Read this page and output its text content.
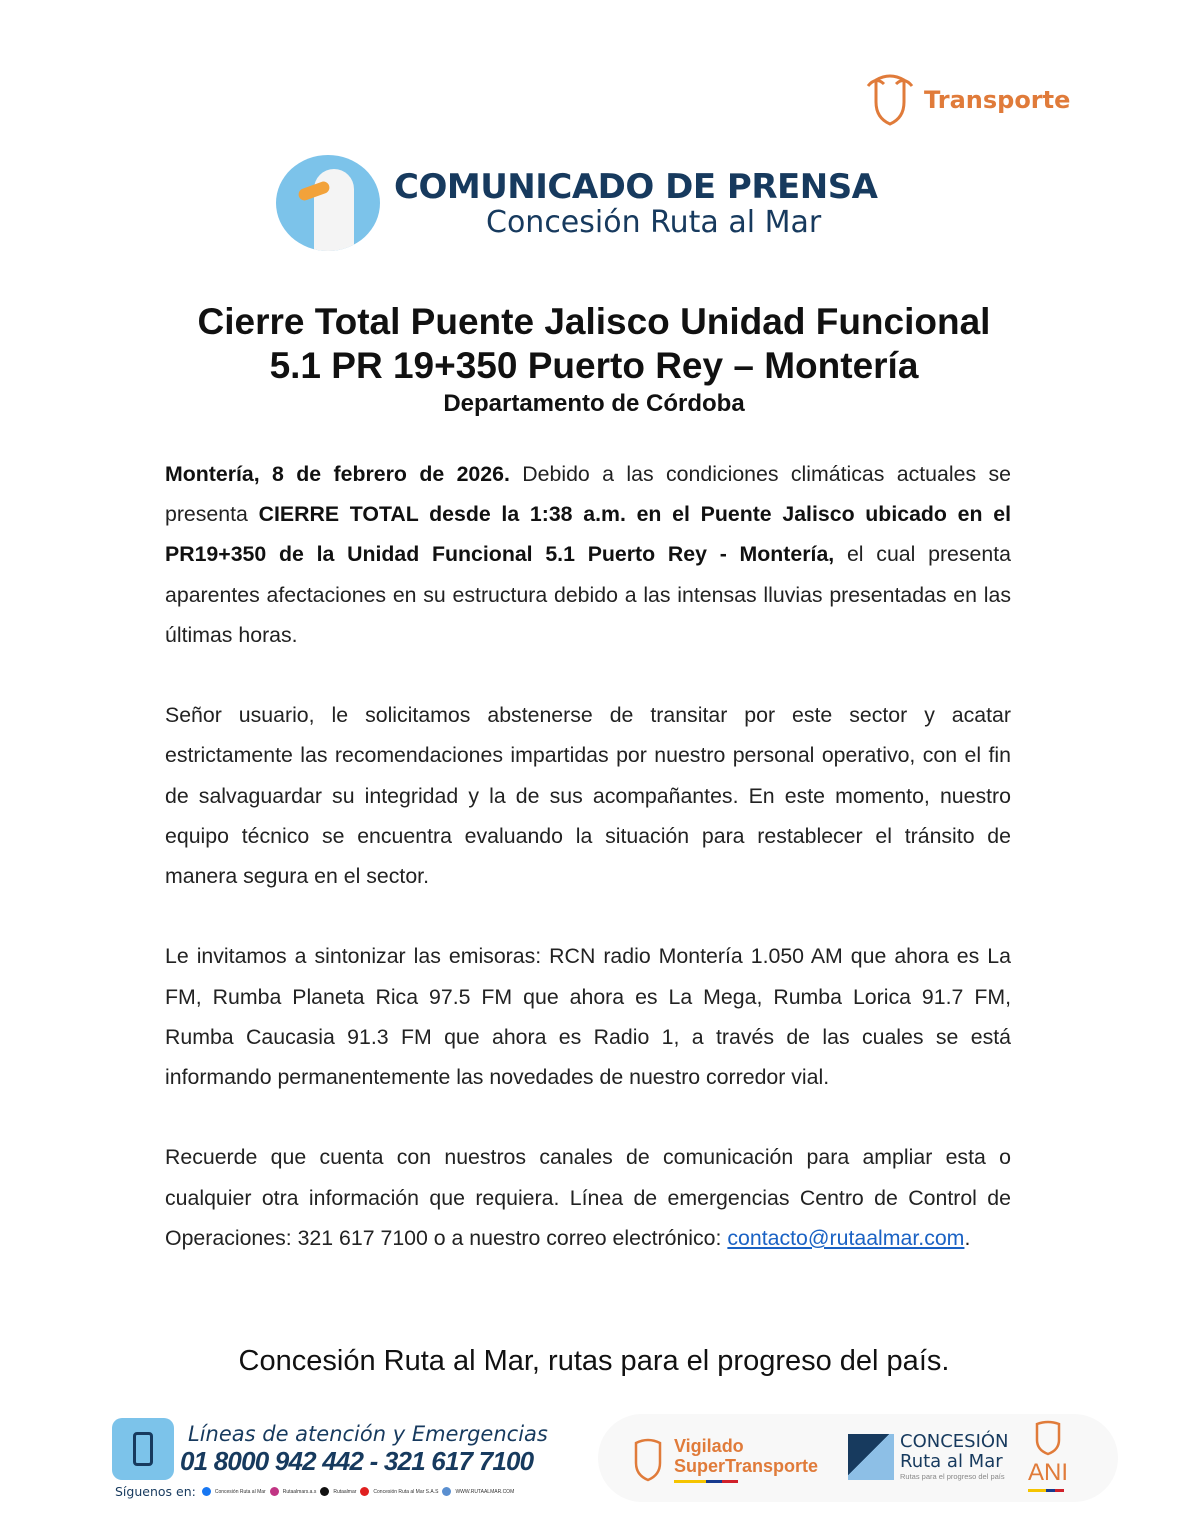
Transporte
COMUNICADO DE PRENSA
Concesión Ruta al Mar
Cierre Total Puente Jalisco Unidad Funcional
5.1 PR 19+350 Puerto Rey – Montería
Departamento de Córdoba

Montería, 8 de febrero de 2026. Debido a las condiciones climáticas actuales se presenta CIERRE TOTAL desde la 1:38 a.m. en el Puente Jalisco ubicado en el PR19+350 de la Unidad Funcional 5.1 Puerto Rey - Montería, el cual presenta aparentes afectaciones en su estructura debido a las intensas lluvias presentadas en las últimas horas.

Señor usuario, le solicitamos abstenerse de transitar por este sector y acatar estrictamente las recomendaciones impartidas por nuestro personal operativo, con el fin de salvaguardar su integridad y la de sus acompañantes. En este momento, nuestro equipo técnico se encuentra evaluando la situación para restablecer el tránsito de manera segura en el sector.

Le invitamos a sintonizar las emisoras: RCN radio Montería 1.050 AM que ahora es La FM, Rumba Planeta Rica 97.5 FM que ahora es La Mega, Rumba Lorica 91.7 FM, Rumba Caucasia 91.3 FM que ahora es Radio 1, a través de las cuales se está informando permanentemente las novedades de nuestro corredor vial.

Recuerde que cuenta con nuestros canales de comunicación para ampliar esta o cualquier otra información que requiera. Línea de emergencias Centro de Control de Operaciones: 321 617 7100 o a nuestro correo electrónico: contacto@rutaalmar.com.

Concesión Ruta al Mar, rutas para el progreso del país.
Líneas de atención y Emergencias
01 8000 942 442 - 321 617 7100
Síguenos en:	Concesión Ruta al Mar	Rutaalmars.a.s	Rutaalmar	Concesión Ruta al Mar S.A.S	WWW.RUTAALMAR.COM
Vigilado
SuperTransporte
CONCESIÓN
Ruta al Mar
Rutas para el progreso del país ANI
